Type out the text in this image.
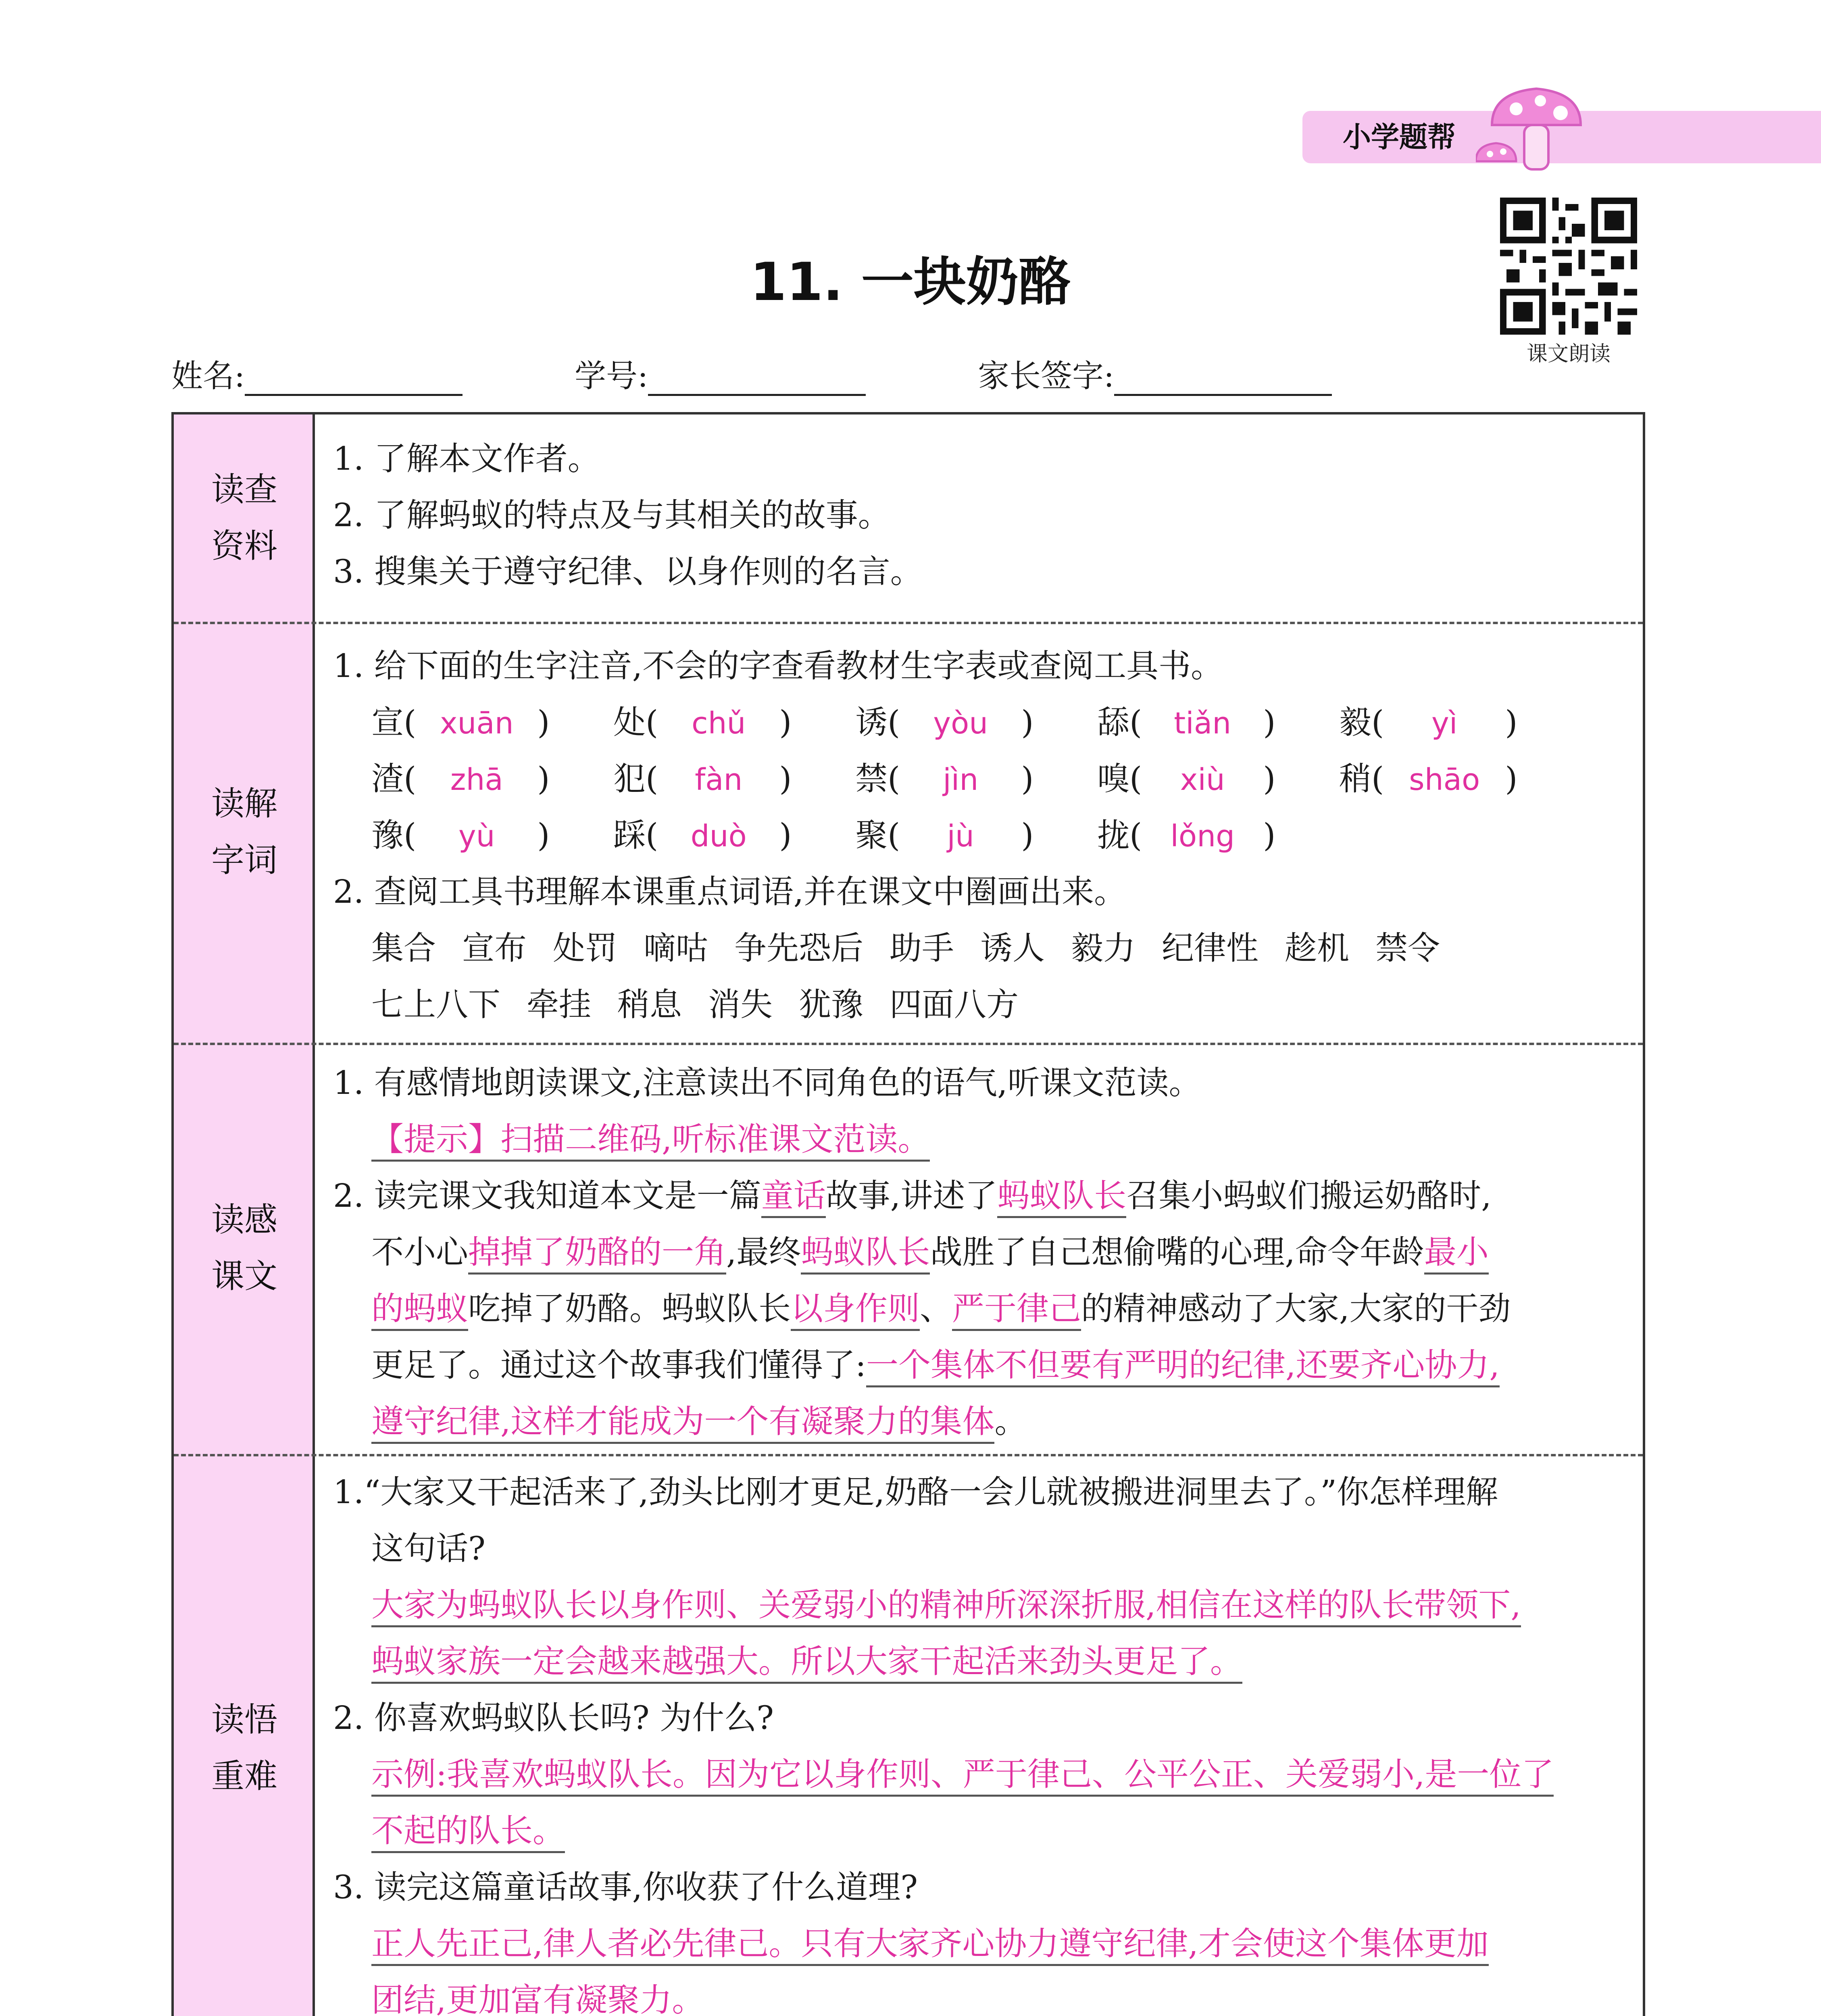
小学题帮
课文朗读
11. 一块奶酪
姓名:	学号:	家长签字:
读查
资料
1. 了解本文作者。
2. 了解蚂蚁的特点及与其相关的故事。
3. 搜集关于遵守纪律、以身作则的名言。
读解
字词
1. 给下面的生字注音,不会的字查看教材生字表或查阅工具书。
宣( xuān )	处( chǔ )	诱( yòu )	舔( tiǎn )	毅( yì )
渣( zhā )	犯( fàn )	禁( jìn )	嗅( xiù )	稍( shāo )
豫( yù )	踩( duò )	聚( jù )	拢( lǒng )
2. 查阅工具书理解本课重点词语,并在课文中圈画出来。
集合 宣布 处罚 嘀咕 争先恐后 助手 诱人 毅力 纪律性 趁机 禁令
七上八下 牵挂 稍息 消失 犹豫 四面八方
读感
课文
1. 有感情地朗读课文,注意读出不同角色的语气,听课文范读。
【提示】扫描二维码,听标准课文范读。
2. 读完课文我知道本文是一篇童话故事,讲述了蚂蚁队长召集小蚂蚁们搬运奶酪时,
不小心掉掉了奶酪的一角,最终蚂蚁队长战胜了自己想偷嘴的心理,命令年龄最小
的蚂蚁吃掉了奶酪。蚂蚁队长以身作则、严于律己的精神感动了大家,大家的干劲
更足了。通过这个故事我们懂得了:一个集体不但要有严明的纪律,还要齐心协力,
遵守纪律,这样才能成为一个有凝聚力的集体。
读悟
重难
1.“大家又干起活来了,劲头比刚才更足,奶酪一会儿就被搬进洞里去了。”你怎样理解
这句话?
大家为蚂蚁队长以身作则、关爱弱小的精神所深深折服,相信在这样的队长带领下,
蚂蚁家族一定会越来越强大。所以大家干起活来劲头更足了。
2. 你喜欢蚂蚁队长吗? 为什么?
示例:我喜欢蚂蚁队长。因为它以身作则、严于律己、公平公正、关爱弱小,是一位了
不起的队长。
3. 读完这篇童话故事,你收获了什么道理?
正人先正己,律人者必先律己。只有大家齐心协力遵守纪律,才会使这个集体更加
团结,更加富有凝聚力。
